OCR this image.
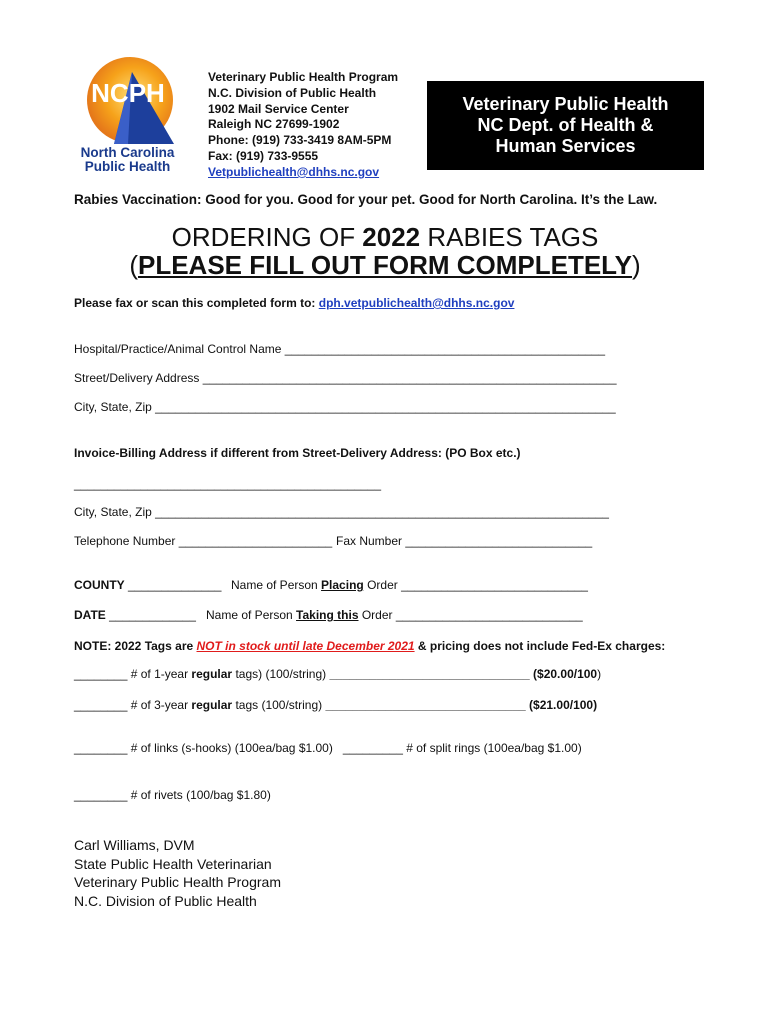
NCPH
North Carolina
Public Health
Veterinary Public Health Program
N.C. Division of Public Health
1902 Mail Service Center
Raleigh NC 27699-1902
Phone: (919) 733-3419 8AM-5PM
Fax: (919) 733-9555
Vetpublichealth@dhhs.nc.gov
Veterinary Public Health
NC Dept. of Health &
Human Services
Rabies Vaccination: Good for you. Good for your pet. Good for North Carolina. It’s the Law.
ORDERING OF 2022 RABIES TAGS
(PLEASE FILL OUT FORM COMPLETELY)
Please fax or scan this completed form to: dph.vetpublichealth@dhhs.nc.gov
Hospital/Practice/Animal Control Name ________________________________________________
Street/Delivery Address ______________________________________________________________
City, State, Zip _____________________________________________________________________
Invoice-Billing Address if different from Street-Delivery Address: (PO Box etc.)
______________________________________________
City, State, Zip ____________________________________________________________________
Telephone Number _______________________ Fax Number ____________________________
COUNTY ______________ Name of Person Placing Order ____________________________
DATE _____________ Name of Person Taking this Order ____________________________
NOTE: 2022 Tags are NOT in stock until late December 2021 & pricing does not include Fed-Ex charges:
________ # of 1-year regular tags) (100/string) ______________________________ ($20.00/100)
________ # of 3-year regular tags (100/string) ______________________________ ($21.00/100)
________ # of links (s-hooks) (100ea/bag $1.00)   _________ # of split rings (100ea/bag $1.00)
________ # of rivets (100/bag $1.80)
Carl Williams, DVM
State Public Health Veterinarian
Veterinary Public Health Program
N.C. Division of Public Health
